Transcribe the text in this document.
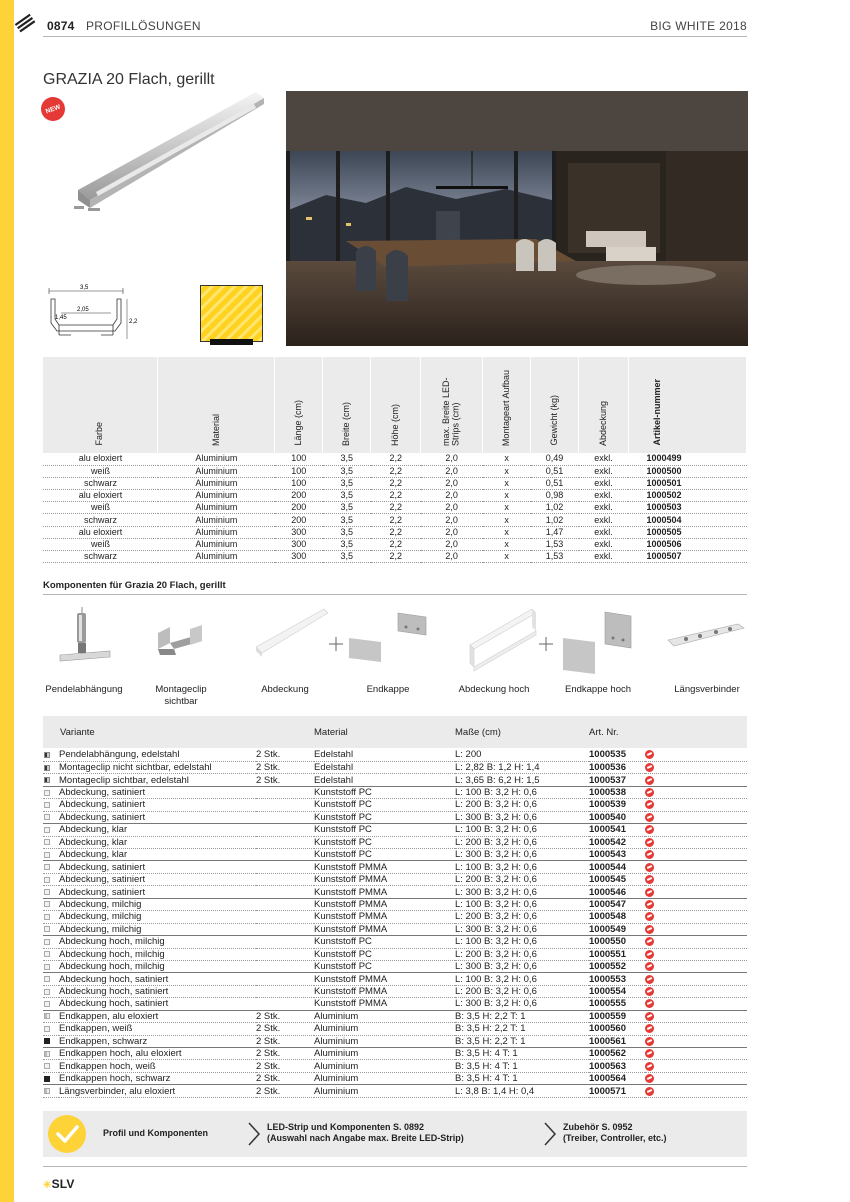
0874 PROFILLÖSUNGEN	BIG WHITE 2018
GRAZIA 20 Flach, gerillt
NEW
3,5
2,05
1,45
2,2
Farbe	Material	Länge (cm)	Breite (cm)	Höhe (cm)	max. Breite LED-Strips (cm)	Montageart Aufbau	Gewicht (kg)	Abdeckung	Artikel-nummer
alu eloxiert	Aluminium	100	3,5	2,2	2,0	x	0,49	exkl.	1000499
weiß	Aluminium	100	3,5	2,2	2,0	x	0,51	exkl.	1000500
schwarz	Aluminium	100	3,5	2,2	2,0	x	0,51	exkl.	1000501
alu eloxiert	Aluminium	200	3,5	2,2	2,0	x	0,98	exkl.	1000502
weiß	Aluminium	200	3,5	2,2	2,0	x	1,02	exkl.	1000503
schwarz	Aluminium	200	3,5	2,2	2,0	x	1,02	exkl.	1000504
alu eloxiert	Aluminium	300	3,5	2,2	2,0	x	1,47	exkl.	1000505
weiß	Aluminium	300	3,5	2,2	2,0	x	1,53	exkl.	1000506
schwarz	Aluminium	300	3,5	2,2	2,0	x	1,53	exkl.	1000507
Komponenten für Grazia 20 Flach, gerillt
Pendelabhängung	Montageclip sichtbar
Abdeckung	Endkappe	Abdeckung hoch	Endkappe hoch	Längsverbinder
Variante	Material	Maße (cm)	Art. Nr.
	Pendelabhängung, edelstahl	2 Stk.	Edelstahl	L: 200	1000535	
	Montageclip nicht sichtbar, edelstahl	2 Stk.	Edelstahl	L: 2,82 B: 1,2 H: 1,4	1000536	
	Montageclip sichtbar, edelstahl	2 Stk.	Edelstahl	L: 3,65 B: 6,2 H: 1,5	1000537	
	Abdeckung, satiniert		Kunststoff PC	L: 100 B: 3,2 H: 0,6	1000538	
	Abdeckung, satiniert		Kunststoff PC	L: 200 B: 3,2 H: 0,6	1000539	
	Abdeckung, satiniert		Kunststoff PC	L: 300 B: 3,2 H: 0,6	1000540	
	Abdeckung, klar		Kunststoff PC	L: 100 B: 3,2 H: 0,6	1000541	
	Abdeckung, klar		Kunststoff PC	L: 200 B: 3,2 H: 0,6	1000542	
	Abdeckung, klar		Kunststoff PC	L: 300 B: 3,2 H: 0,6	1000543	
	Abdeckung, satiniert		Kunststoff PMMA	L: 100 B: 3,2 H: 0,6	1000544	
	Abdeckung, satiniert		Kunststoff PMMA	L: 200 B: 3,2 H: 0,6	1000545	
	Abdeckung, satiniert		Kunststoff PMMA	L: 300 B: 3,2 H: 0,6	1000546	
	Abdeckung, milchig		Kunststoff PMMA	L: 100 B: 3,2 H: 0,6	1000547	
	Abdeckung, milchig		Kunststoff PMMA	L: 200 B: 3,2 H: 0,6	1000548	
	Abdeckung, milchig		Kunststoff PMMA	L: 300 B: 3,2 H: 0,6	1000549	
	Abdeckung hoch, milchig		Kunststoff PC	L: 100 B: 3,2 H: 0,6	1000550	
	Abdeckung hoch, milchig		Kunststoff PC	L: 200 B: 3,2 H: 0,6	1000551	
	Abdeckung hoch, milchig		Kunststoff PC	L: 300 B: 3,2 H: 0,6	1000552	
	Abdeckung hoch, satiniert		Kunststoff PMMA	L: 100 B: 3,2 H: 0,6	1000553	
	Abdeckung hoch, satiniert		Kunststoff PMMA	L: 200 B: 3,2 H: 0,6	1000554	
	Abdeckung hoch, satiniert		Kunststoff PMMA	L: 300 B: 3,2 H: 0,6	1000555	
	Endkappen, alu eloxiert	2 Stk.	Aluminium	B: 3,5 H: 2,2 T: 1	1000559	
	Endkappen, weiß	2 Stk.	Aluminium	B: 3,5 H: 2,2 T: 1	1000560	
	Endkappen, schwarz	2 Stk.	Aluminium	B: 3,5 H: 2,2 T: 1	1000561	
	Endkappen hoch, alu eloxiert	2 Stk.	Aluminium	B: 3,5 H: 4 T: 1	1000562	
	Endkappen hoch, weiß	2 Stk.	Aluminium	B: 3,5 H: 4 T: 1	1000563	
	Endkappen hoch, schwarz	2 Stk.	Aluminium	B: 3,5 H: 4 T: 1	1000564	
	Längsverbinder, alu eloxiert	2 Stk.	Aluminium	L: 3,8 B: 1,4 H: 0,4	1000571	
Profil und Komponenten
LED-Strip und Komponenten S. 0892
(Auswahl nach Angabe max. Breite LED-Strip)
Zubehör S. 0952
(Treiber, Controller, etc.)
✳SLV
